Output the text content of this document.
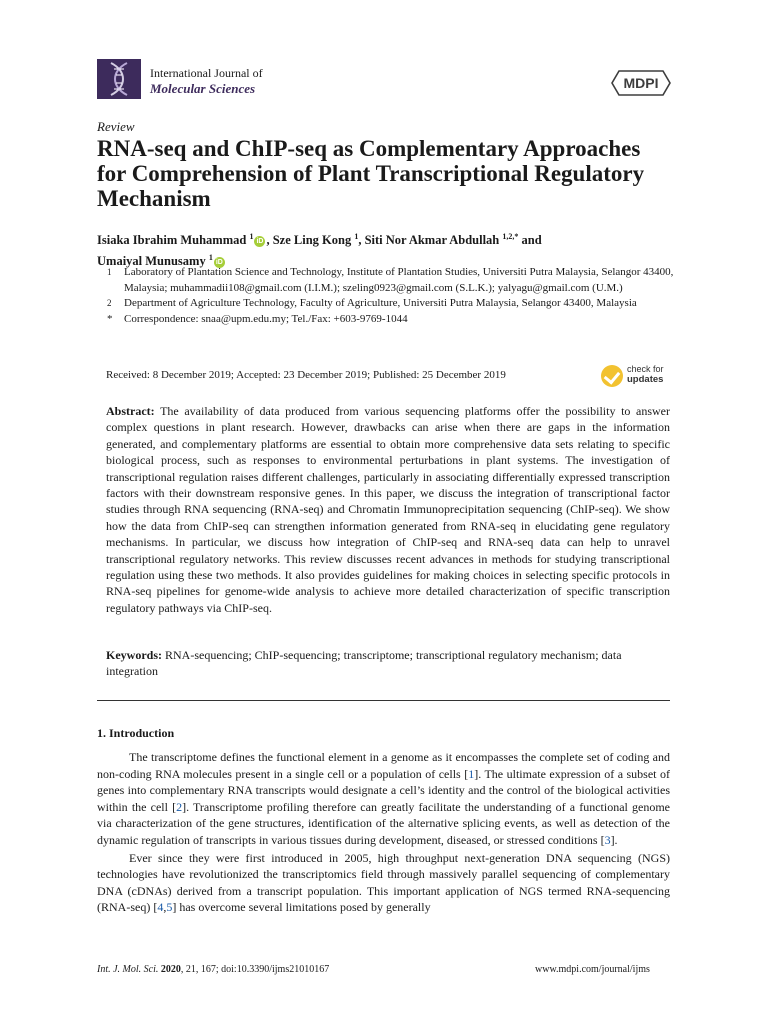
International Journal of
Molecular Sciences	MDPI
Review
RNA-seq and ChIP-seq as Complementary Approaches for Comprehension of Plant Transcriptional Regulatory Mechanism
Isiaka Ibrahim Muhammad $^1$iD , Sze Ling Kong $^1$, Siti Nor Akmar Abdullah $^{1,2,*}$ and
Umaiyal Munusamy $^1$iD
1	Laboratory of Plantation Science and Technology, Institute of Plantation Studies, Universiti Putra Malaysia, Selangor 43400, Malaysia; muhammadii108@gmail.com (I.I.M.); szeling0923@gmail.com (S.L.K.); yalyagu@gmail.com (U.M.)
2	Department of Agriculture Technology, Faculty of Agriculture, Universiti Putra Malaysia, Selangor 43400, Malaysia
*	Correspondence: snaa@upm.edu.my; Tel./Fax: +603-9769-1044
Received: 8 December 2019; Accepted: 23 December 2019; Published: 25 December 2019	check for
updates
Abstract: The availability of data produced from various sequencing platforms offer the possibility to answer complex questions in plant research. However, drawbacks can arise when there are gaps in the information generated, and complementary platforms are essential to obtain more comprehensive data sets relating to specific biological process, such as responses to environmental perturbations in plant systems. The investigation of transcriptional regulation raises different challenges, particularly in associating differentially expressed transcription factors with their downstream responsive genes. In this paper, we discuss the integration of transcriptional factor studies through RNA sequencing (RNA-seq) and Chromatin Immunoprecipitation sequencing (ChIP-seq). We show how the data from ChIP-seq can strengthen information generated from RNA-seq in elucidating gene regulatory mechanisms. In particular, we discuss how integration of ChIP-seq and RNA-seq data can help to unravel transcriptional regulatory networks. This review discusses recent advances in methods for studying transcriptional regulation using these two methods. It also provides guidelines for making choices in selecting specific protocols in RNA-seq pipelines for genome-wide analysis to achieve more detailed characterization of specific transcription regulatory pathways via ChIP-seq.
Keywords: RNA-sequencing; ChIP-sequencing; transcriptome; transcriptional regulatory mechanism; data integration
1. Introduction

The transcriptome defines the functional element in a genome as it encompasses the complete set of coding and non-coding RNA molecules present in a single cell or a population of cells [1]. The ultimate expression of a subset of genes into complementary RNA transcripts would designate a cell’s identity and the control of the biological activities within the cell [2]. Transcriptome profiling therefore can greatly facilitate the understanding of a functional genome via characterization of the gene structures, identification of the alternative splicing events, as well as detection of the dynamic regulation of transcripts in various tissues during development, diseased, or stressed conditions [3].

Ever since they were first introduced in 2005, high throughput next-generation DNA sequencing (NGS) technologies have revolutionized the transcriptomics field through massively parallel sequencing of complementary DNA (cDNAs) derived from a transcript population. This important application of NGS termed RNA-sequencing (RNA-seq) [4,5] has overcome several limitations posed by generally

Int. J. Mol. Sci. 2020, 21, 167; doi:10.3390/ijms21010167	www.mdpi.com/journal/ijms
